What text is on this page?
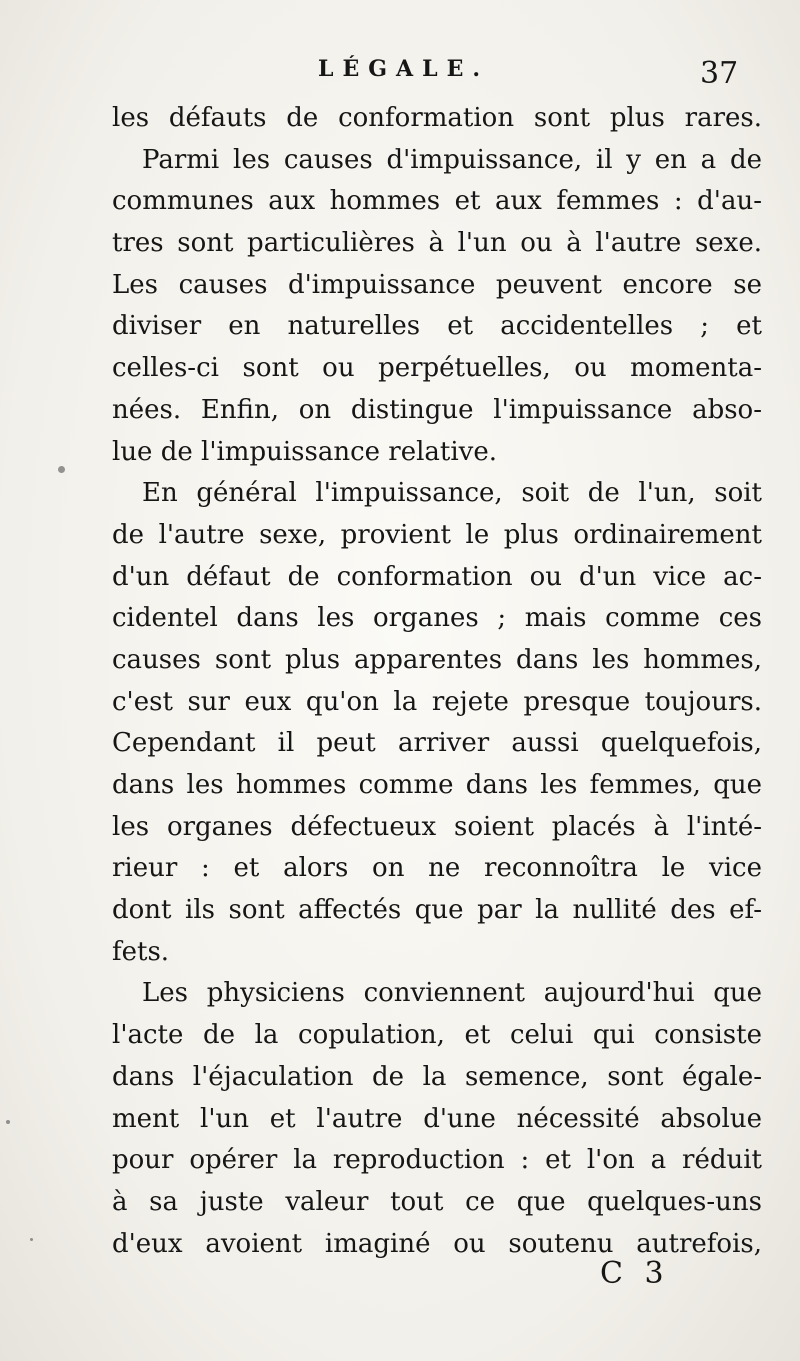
LÉGALE.	37
les défauts de conformation sont plus rares.
Parmi les causes d'impuissance, il y en a de
communes aux hommes et aux femmes : d'au-
tres sont particulières à l'un ou à l'autre sexe.
Les causes d'impuissance peuvent encore se
diviser en naturelles et accidentelles ; et
celles-ci sont ou perpétuelles, ou momenta-
nées. Enfin, on distingue l'impuissance abso-
lue de l'impuissance relative.
En général l'impuissance, soit de l'un, soit
de l'autre sexe, provient le plus ordinairement
d'un défaut de conformation ou d'un vice ac-
cidentel dans les organes ; mais comme ces
causes sont plus apparentes dans les hommes,
c'est sur eux qu'on la rejete presque toujours.
Cependant il peut arriver aussi quelquefois,
dans les hommes comme dans les femmes, que
les organes défectueux soient placés à l'inté-
rieur : et alors on ne reconnoîtra le vice
dont ils sont affectés que par la nullité des ef-
fets.
Les physiciens conviennent aujourd'hui que
l'acte de la copulation, et celui qui consiste
dans l'éjaculation de la semence, sont égale-
ment l'un et l'autre d'une nécessité absolue
pour opérer la reproduction : et l'on a réduit
à sa juste valeur tout ce que quelques-uns
d'eux avoient imaginé ou soutenu autrefois,
C 3
